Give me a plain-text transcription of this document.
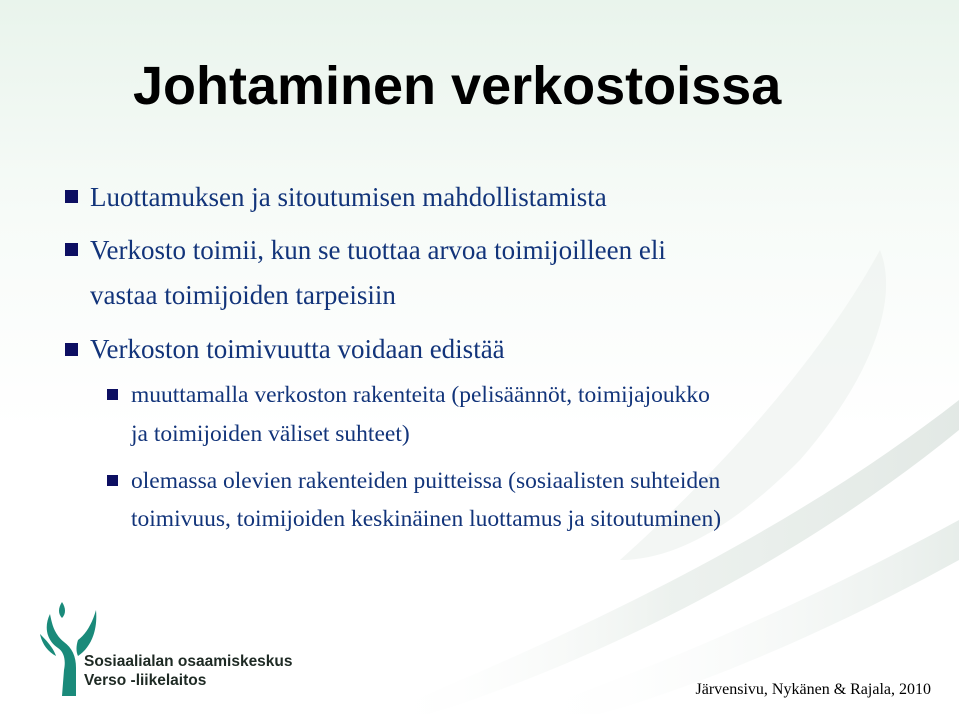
Johtaminen verkostoissa
Luottamuksen ja sitoutumisen mahdollistamista
Verkosto toimii, kun se tuottaa arvoa toimijoilleen eli
vastaa toimijoiden tarpeisiin
Verkoston toimivuutta voidaan edistää
muuttamalla verkoston rakenteita (pelisäännöt, toimijajoukko
ja toimijoiden väliset suhteet)
olemassa olevien rakenteiden puitteissa (sosiaalisten suhteiden
toimivuus, toimijoiden keskinäinen luottamus ja sitoutuminen)
Sosiaalialan osaamiskeskus
Verso -liikelaitos
Järvensivu, Nykänen & Rajala, 2010
